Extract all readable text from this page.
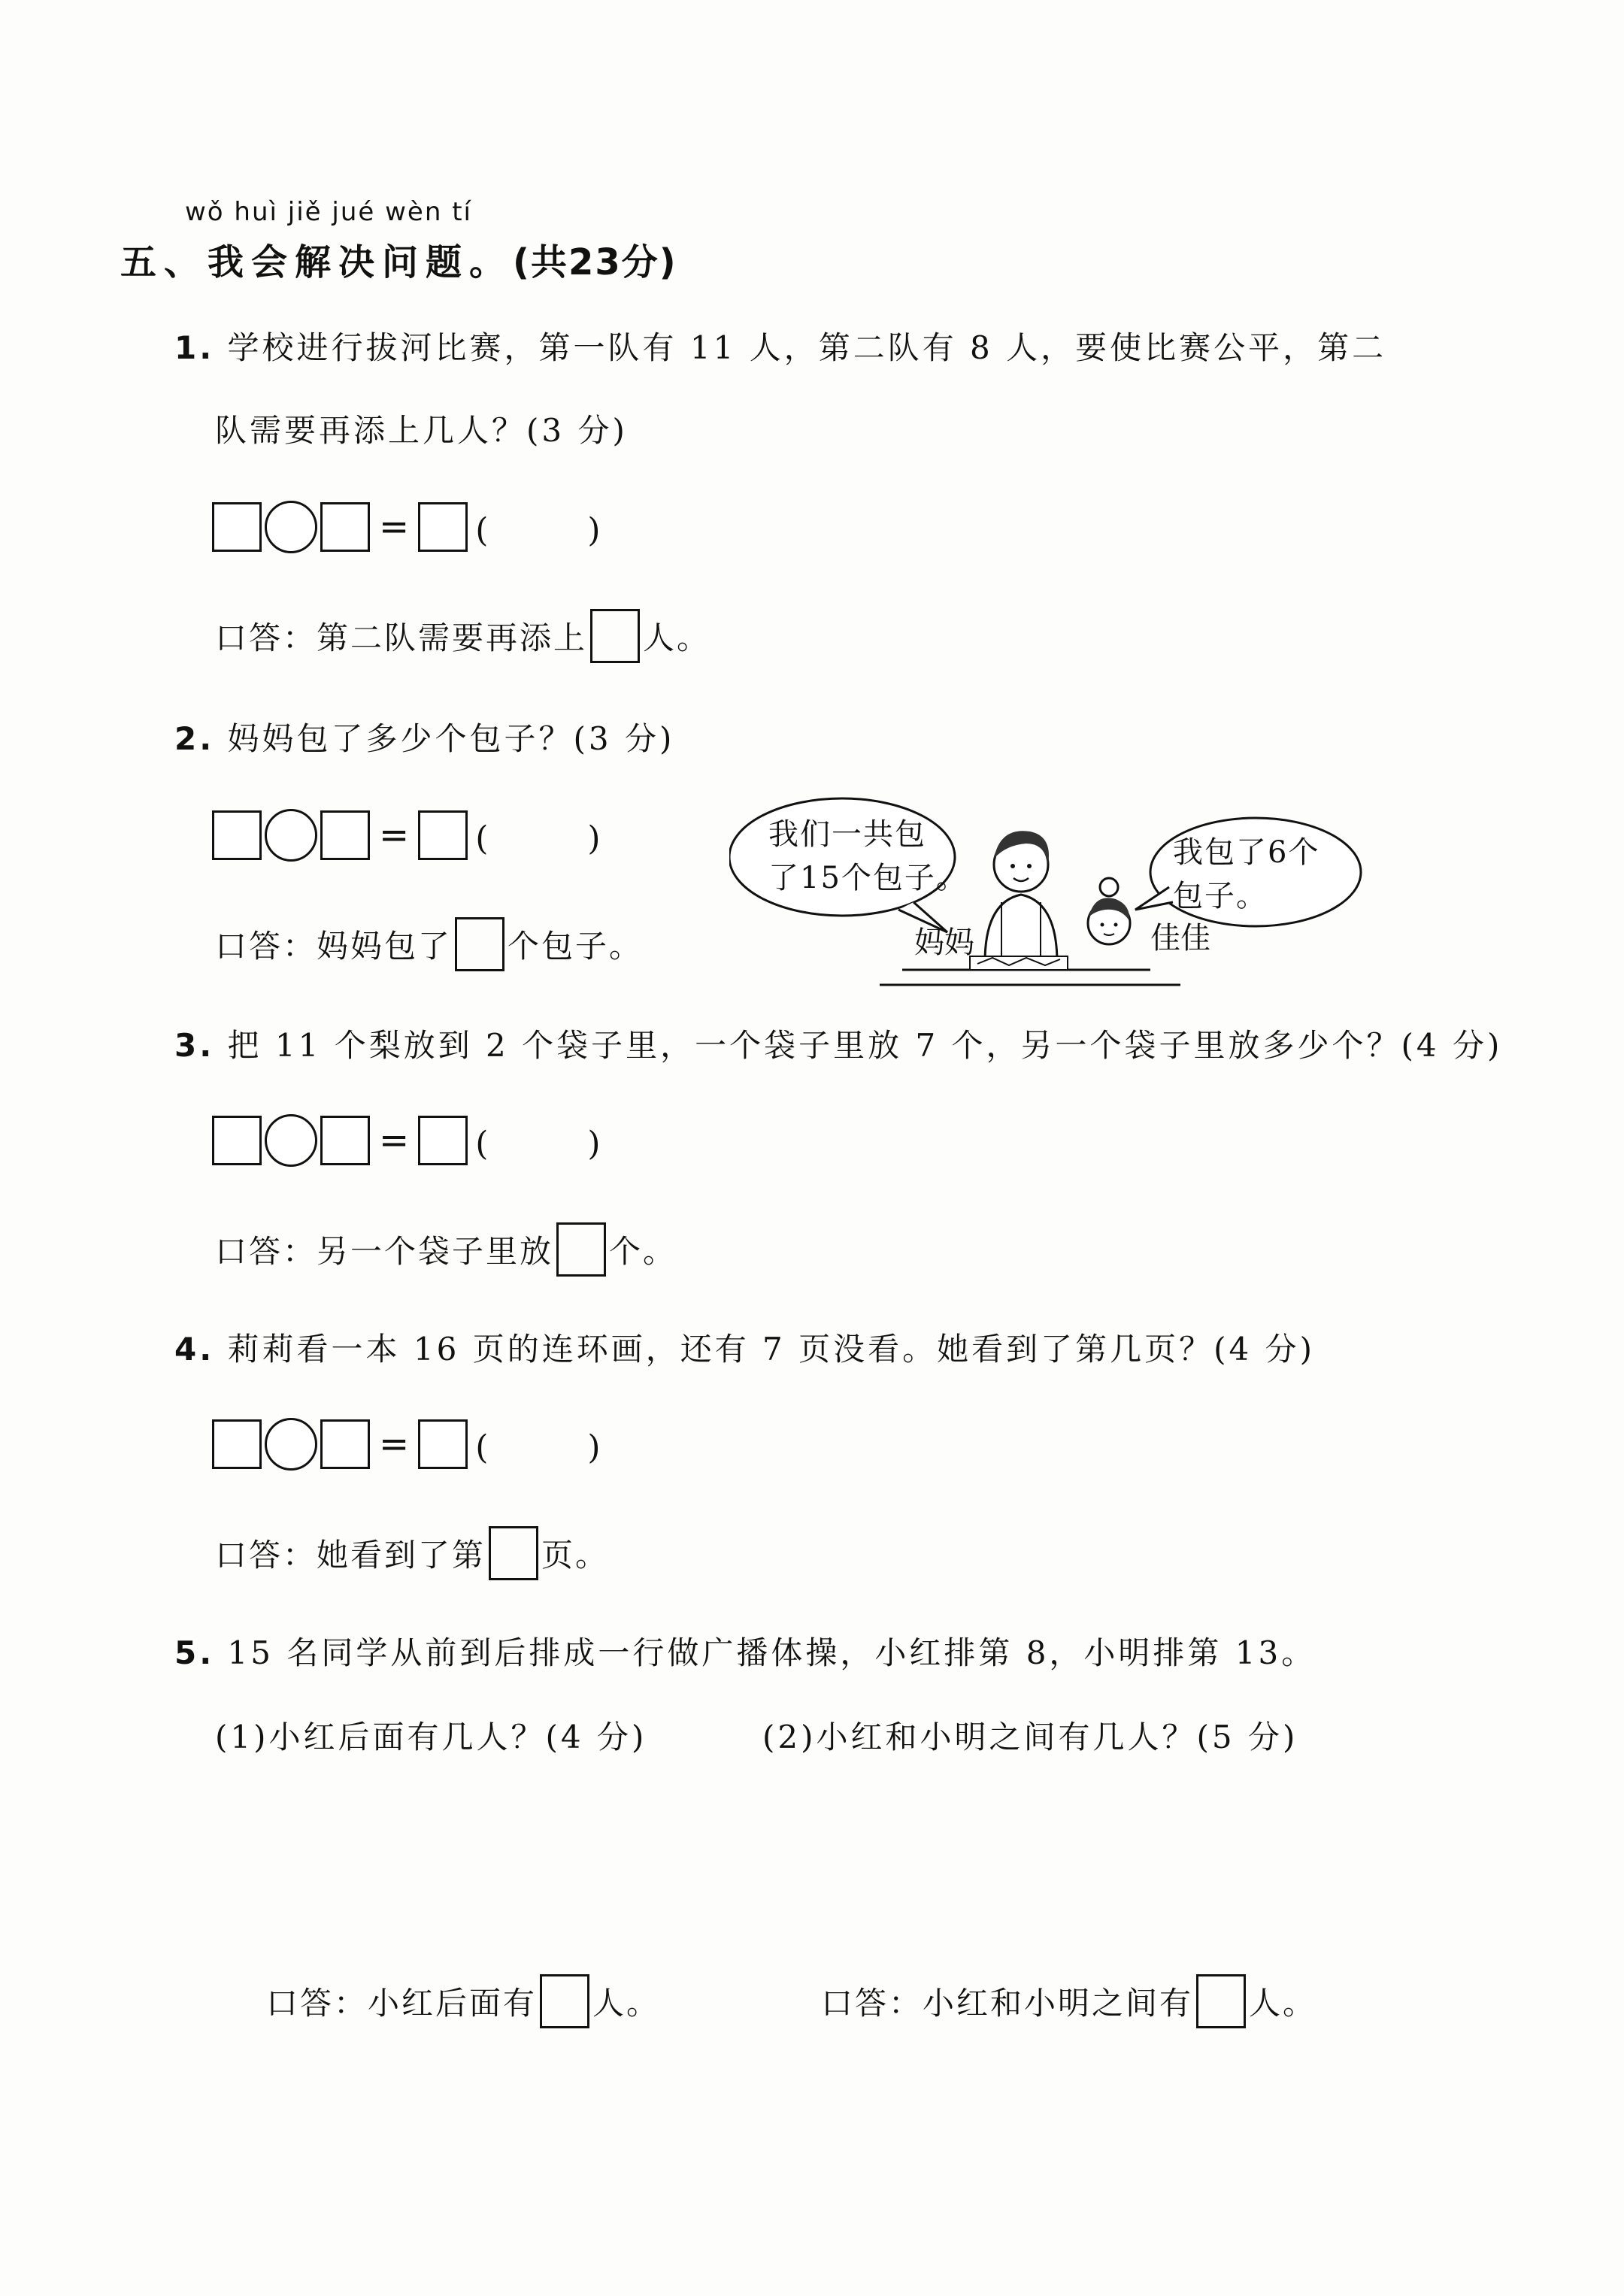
wǒ huì jiě jué wèn tí
五、我会解决问题。(共23分)
1. 学校进行拔河比赛，第一队有 11 人，第二队有 8 人，要使比赛公平，第二
队需要再添上几人？(3 分)
= (　　　)
口答：第二队需要再添上 人。
2. 妈妈包了多少个包子？(3 分)
= (　　　)
口答：妈妈包了 个包子。
我们一共包
了15个包子。
我包了6个
包子。
妈妈	佳佳
3. 把 11 个梨放到 2 个袋子里，一个袋子里放 7 个，另一个袋子里放多少个？(4 分)
= (　　　)
口答：另一个袋子里放 个。
4. 莉莉看一本 16 页的连环画，还有 7 页没看。她看到了第几页？(4 分)
= (　　　)
口答：她看到了第 页。
5. 15 名同学从前到后排成一行做广播体操，小红排第 8，小明排第 13。
(1)小红后面有几人？(4 分)	(2)小红和小明之间有几人？(5 分)
口答：小红后面有 人。	口答：小红和小明之间有 人。
